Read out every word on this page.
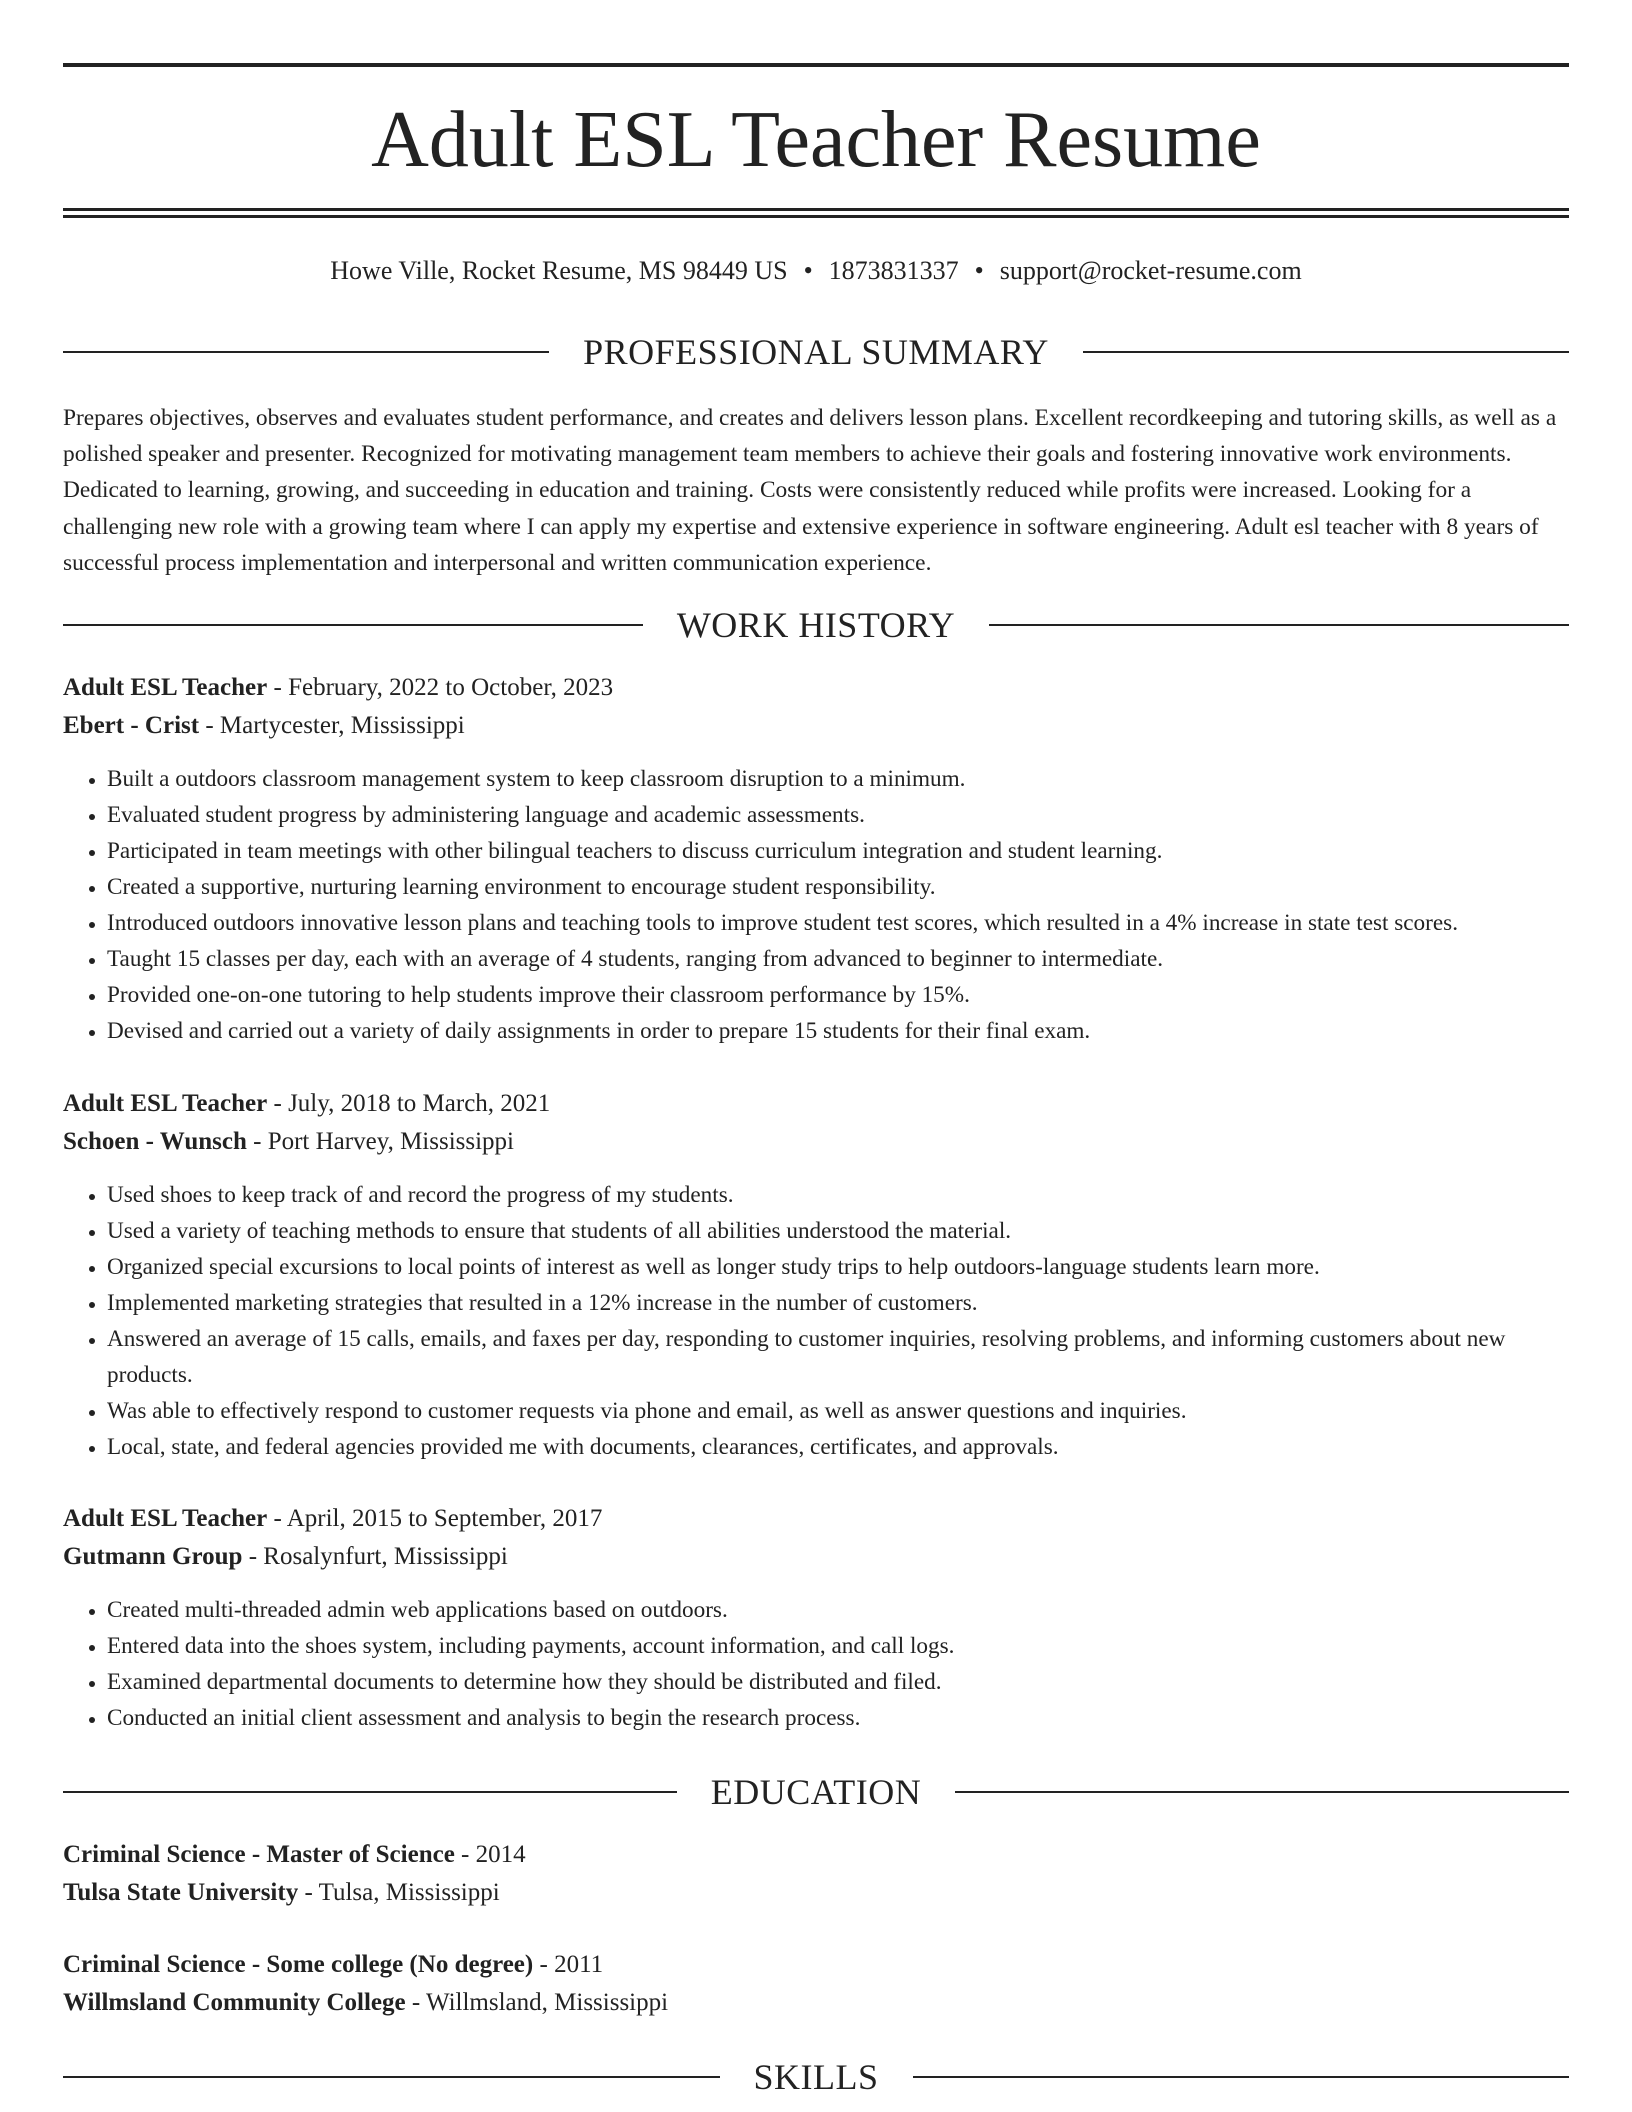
Adult ESL Teacher Resume
Howe Ville, Rocket Resume, MS 98449 US • 1873831337 • support@rocket-resume.com
PROFESSIONAL SUMMARY

Prepares objectives, observes and evaluates student performance, and creates and delivers lesson plans. Excellent recordkeeping and tutoring skills, as well as a polished speaker and presenter. Recognized for motivating management team members to achieve their goals and fostering innovative work environments. Dedicated to learning, growing, and succeeding in education and training. Costs were consistently reduced while profits were increased. Looking for a challenging new role with a growing team where I can apply my expertise and extensive experience in software engineering. Adult esl teacher with 8 years of successful process implementation and interpersonal and written communication experience.

WORK HISTORY

Adult ESL Teacher - February, 2022 to October, 2023

Ebert - Crist - Martycester, Mississippi

• Built a outdoors classroom management system to keep classroom disruption to a minimum.
• Evaluated student progress by administering language and academic assessments.
• Participated in team meetings with other bilingual teachers to discuss curriculum integration and student learning.
• Created a supportive, nurturing learning environment to encourage student responsibility.
• Introduced outdoors innovative lesson plans and teaching tools to improve student test scores, which resulted in a 4% increase in state test scores.
• Taught 15 classes per day, each with an average of 4 students, ranging from advanced to beginner to intermediate.
• Provided one-on-one tutoring to help students improve their classroom performance by 15%.
• Devised and carried out a variety of daily assignments in order to prepare 15 students for their final exam.

Adult ESL Teacher - July, 2018 to March, 2021

Schoen - Wunsch - Port Harvey, Mississippi

• Used shoes to keep track of and record the progress of my students.
• Used a variety of teaching methods to ensure that students of all abilities understood the material.
• Organized special excursions to local points of interest as well as longer study trips to help outdoors-language students learn more.
• Implemented marketing strategies that resulted in a 12% increase in the number of customers.
• Answered an average of 15 calls, emails, and faxes per day, responding to customer inquiries, resolving problems, and informing customers about new products.
• Was able to effectively respond to customer requests via phone and email, as well as answer questions and inquiries.
• Local, state, and federal agencies provided me with documents, clearances, certificates, and approvals.

Adult ESL Teacher - April, 2015 to September, 2017

Gutmann Group - Rosalynfurt, Mississippi

• Created multi-threaded admin web applications based on outdoors.
• Entered data into the shoes system, including payments, account information, and call logs.
• Examined departmental documents to determine how they should be distributed and filed.
• Conducted an initial client assessment and analysis to begin the research process.
EDUCATION

Criminal Science - Master of Science - 2014

Tulsa State University - Tulsa, Mississippi

Criminal Science - Some college (No degree) - 2011

Willmsland Community College - Willmsland, Mississippi

SKILLS
